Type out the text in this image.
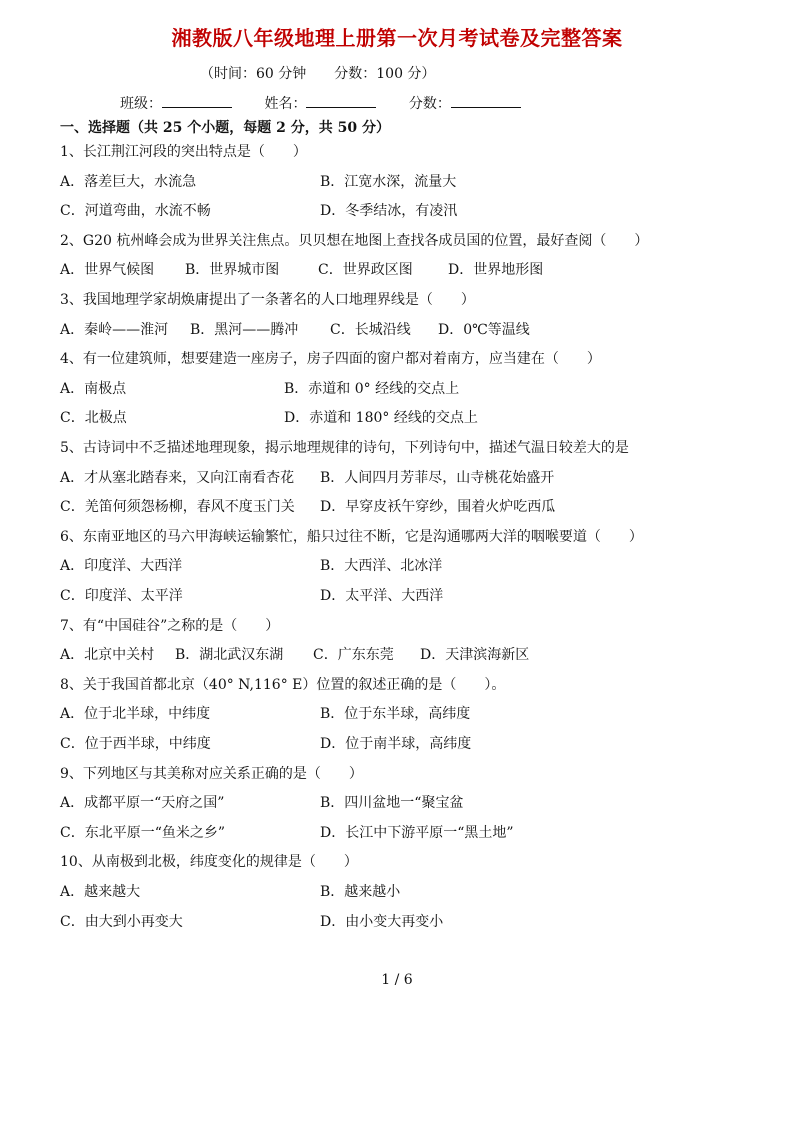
湘教版八年级地理上册第一次月考试卷及完整答案
（时间：60 分钟　　分数：100 分）
班级：	姓名：	分数：
一、选择题（共 25 个小题，每题 2 分，共 50 分）
1、长江荆江河段的突出特点是（　　）
A．落差巨大，水流急	B．江宽水深，流量大
C．河道弯曲，水流不畅	D．冬季结冰，有凌汛
2、G20 杭州峰会成为世界关注焦点。贝贝想在地图上查找各成员国的位置，最好查阅（　　）
A．世界气候图 B．世界城市图	C．世界政区图	D．世界地形图
3、我国地理学家胡焕庸提出了一条著名的人口地理界线是（　　）
A．秦岭——淮河 B．黑河——腾冲 C．长城沿线 D．0℃等温线
4、有一位建筑师，想要建造一座房子，房子四面的窗户都对着南方，应当建在（　　）
A．南极点	B．赤道和 0° 经线的交点上
C．北极点	D．赤道和 180° 经线的交点上
5、古诗词中不乏描述地理现象，揭示地理规律的诗句，下列诗句中，描述气温日较差大的是
A．才从塞北踏春来，又向江南看杏花 B．人间四月芳菲尽，山寺桃花始盛开
C．羌笛何须怨杨柳，春风不度玉门关 D．早穿皮袄午穿纱，围着火炉吃西瓜
6、东南亚地区的马六甲海峡运输繁忙，船只过往不断，它是沟通哪两大洋的咽喉要道（　　）
A．印度洋、大西洋	B．大西洋、北冰洋
C．印度洋、太平洋	D．太平洋、大西洋
7、有“中国硅谷”之称的是（　　）
A．北京中关村 B．湖北武汉东湖 C．广东东莞 D．天津滨海新区
8、关于我国首都北京（40° N,116° E）位置的叙述正确的是（　　）。
A．位于北半球，中纬度	B．位于东半球，高纬度
C．位于西半球，中纬度	D．位于南半球，高纬度
9、下列地区与其美称对应关系正确的是（　　）
A．成都平原一“天府之国”	B．四川盆地一“聚宝盆
C．东北平原一“鱼米之乡”	D．长江中下游平原一“黑土地”
10、从南极到北极，纬度变化的规律是（　　）
A．越来越大	B．越来越小
C．由大到小再变大	D．由小变大再变小
1 / 6
